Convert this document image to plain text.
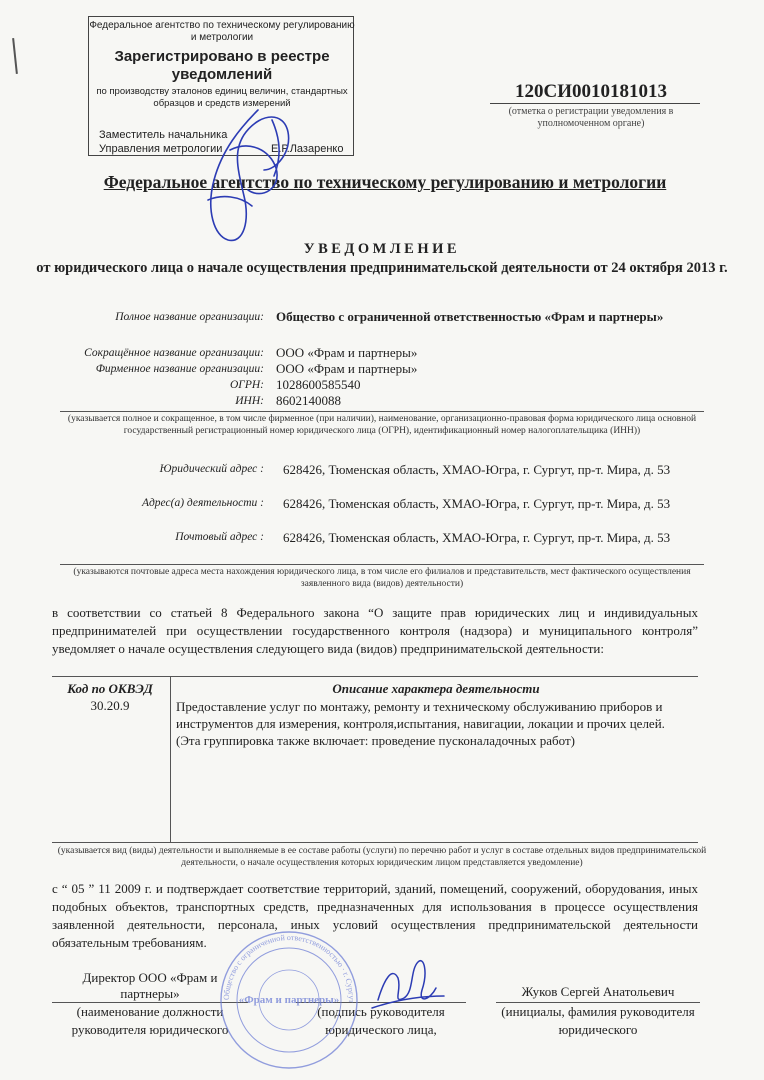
Федеральное агентство по техническому регулированию и метрологии
Зарегистрировано в реестре уведомлений
по производству эталонов единиц величин, стандартных образцов и средств измерений
Заместитель начальника
Управления метрологии	Е.Р.Лазаренко
120СИ0010181013
(отметка о регистрации уведомления в уполномоченном органе)
Федеральное агентство по техническому регулированию и метрологии
УВЕДОМЛЕНИЕ
от юридического лица о начале осуществления предпринимательской деятельности от 24 октября 2013 г.
Полное название организации: Общество с ограниченной ответственностью «Фрам и партнеры»
Сокращённое название организации: ООО «Фрам и партнеры»
Фирменное название организации: ООО «Фрам и партнеры»
ОГРН: 1028600585540
ИНН: 8602140088
(указывается полное и сокращенное, в том числе фирменное (при наличии), наименование, организационно-правовая форма юридического лица основной государственный регистрационный номер юридического лица (ОГРН), идентификационный номер налогоплательщика (ИНН))
Юридический адрес : 628426, Тюменская область, ХМАО-Югра, г. Сургут, пр-т. Мира, д. 53
Адрес(а) деятельности : 628426, Тюменская область, ХМАО-Югра, г. Сургут, пр-т. Мира, д. 53
Почтовый адрес : 628426, Тюменская область, ХМАО-Югра, г. Сургут, пр-т. Мира, д. 53
(указываются почтовые адреса места нахождения юридического лица, в том числе его филиалов и представительств, мест фактического осуществления заявленного вида (видов) деятельности)
в соответствии со статьей 8 Федерального закона “О защите прав юридических лиц и индивидуальных предпринимателей при осуществлении государственного контроля (надзора) и муниципального контроля” уведомляет о начале осуществления следующего вида (видов) предпринимательской деятельности:
Код по ОКВЭД
30.20.9
Описание характера деятельности
Предоставление услуг по монтажу, ремонту и техническому обслуживанию приборов и инструментов для измерения, контроля,испытания, навигации, локации и прочих целей. (Эта группировка также включает: проведение пусконаладочных работ)
(указывается вид (виды) деятельности и выполняемые в ее составе работы (услуги) по перечню работ и услуг в составе отдельных видов предпринимательской деятельности, о начале осуществления которых юридическим лицом представляется уведомление)
с “ 05 ” 11 2009 г. и подтверждает соответствие территорий, зданий, помещений, сооружений, оборудования, иных подобных объектов, транспортных средств, предназначенных для использования в процессе осуществления заявленной деятельности, персонала, иных условий осуществления предпринимательской деятельности обязательным требованиям.
Директор ООО «Фрам и партнеры»
(наименование должности руководителя юридического
(подпись руководителя юридического лица,
Жуков Сергей Анатольевич
(инициалы, фамилия руководителя юридического
Общество с ограниченной ответственностью · г. Сургут
«Фрам и партнеры»
